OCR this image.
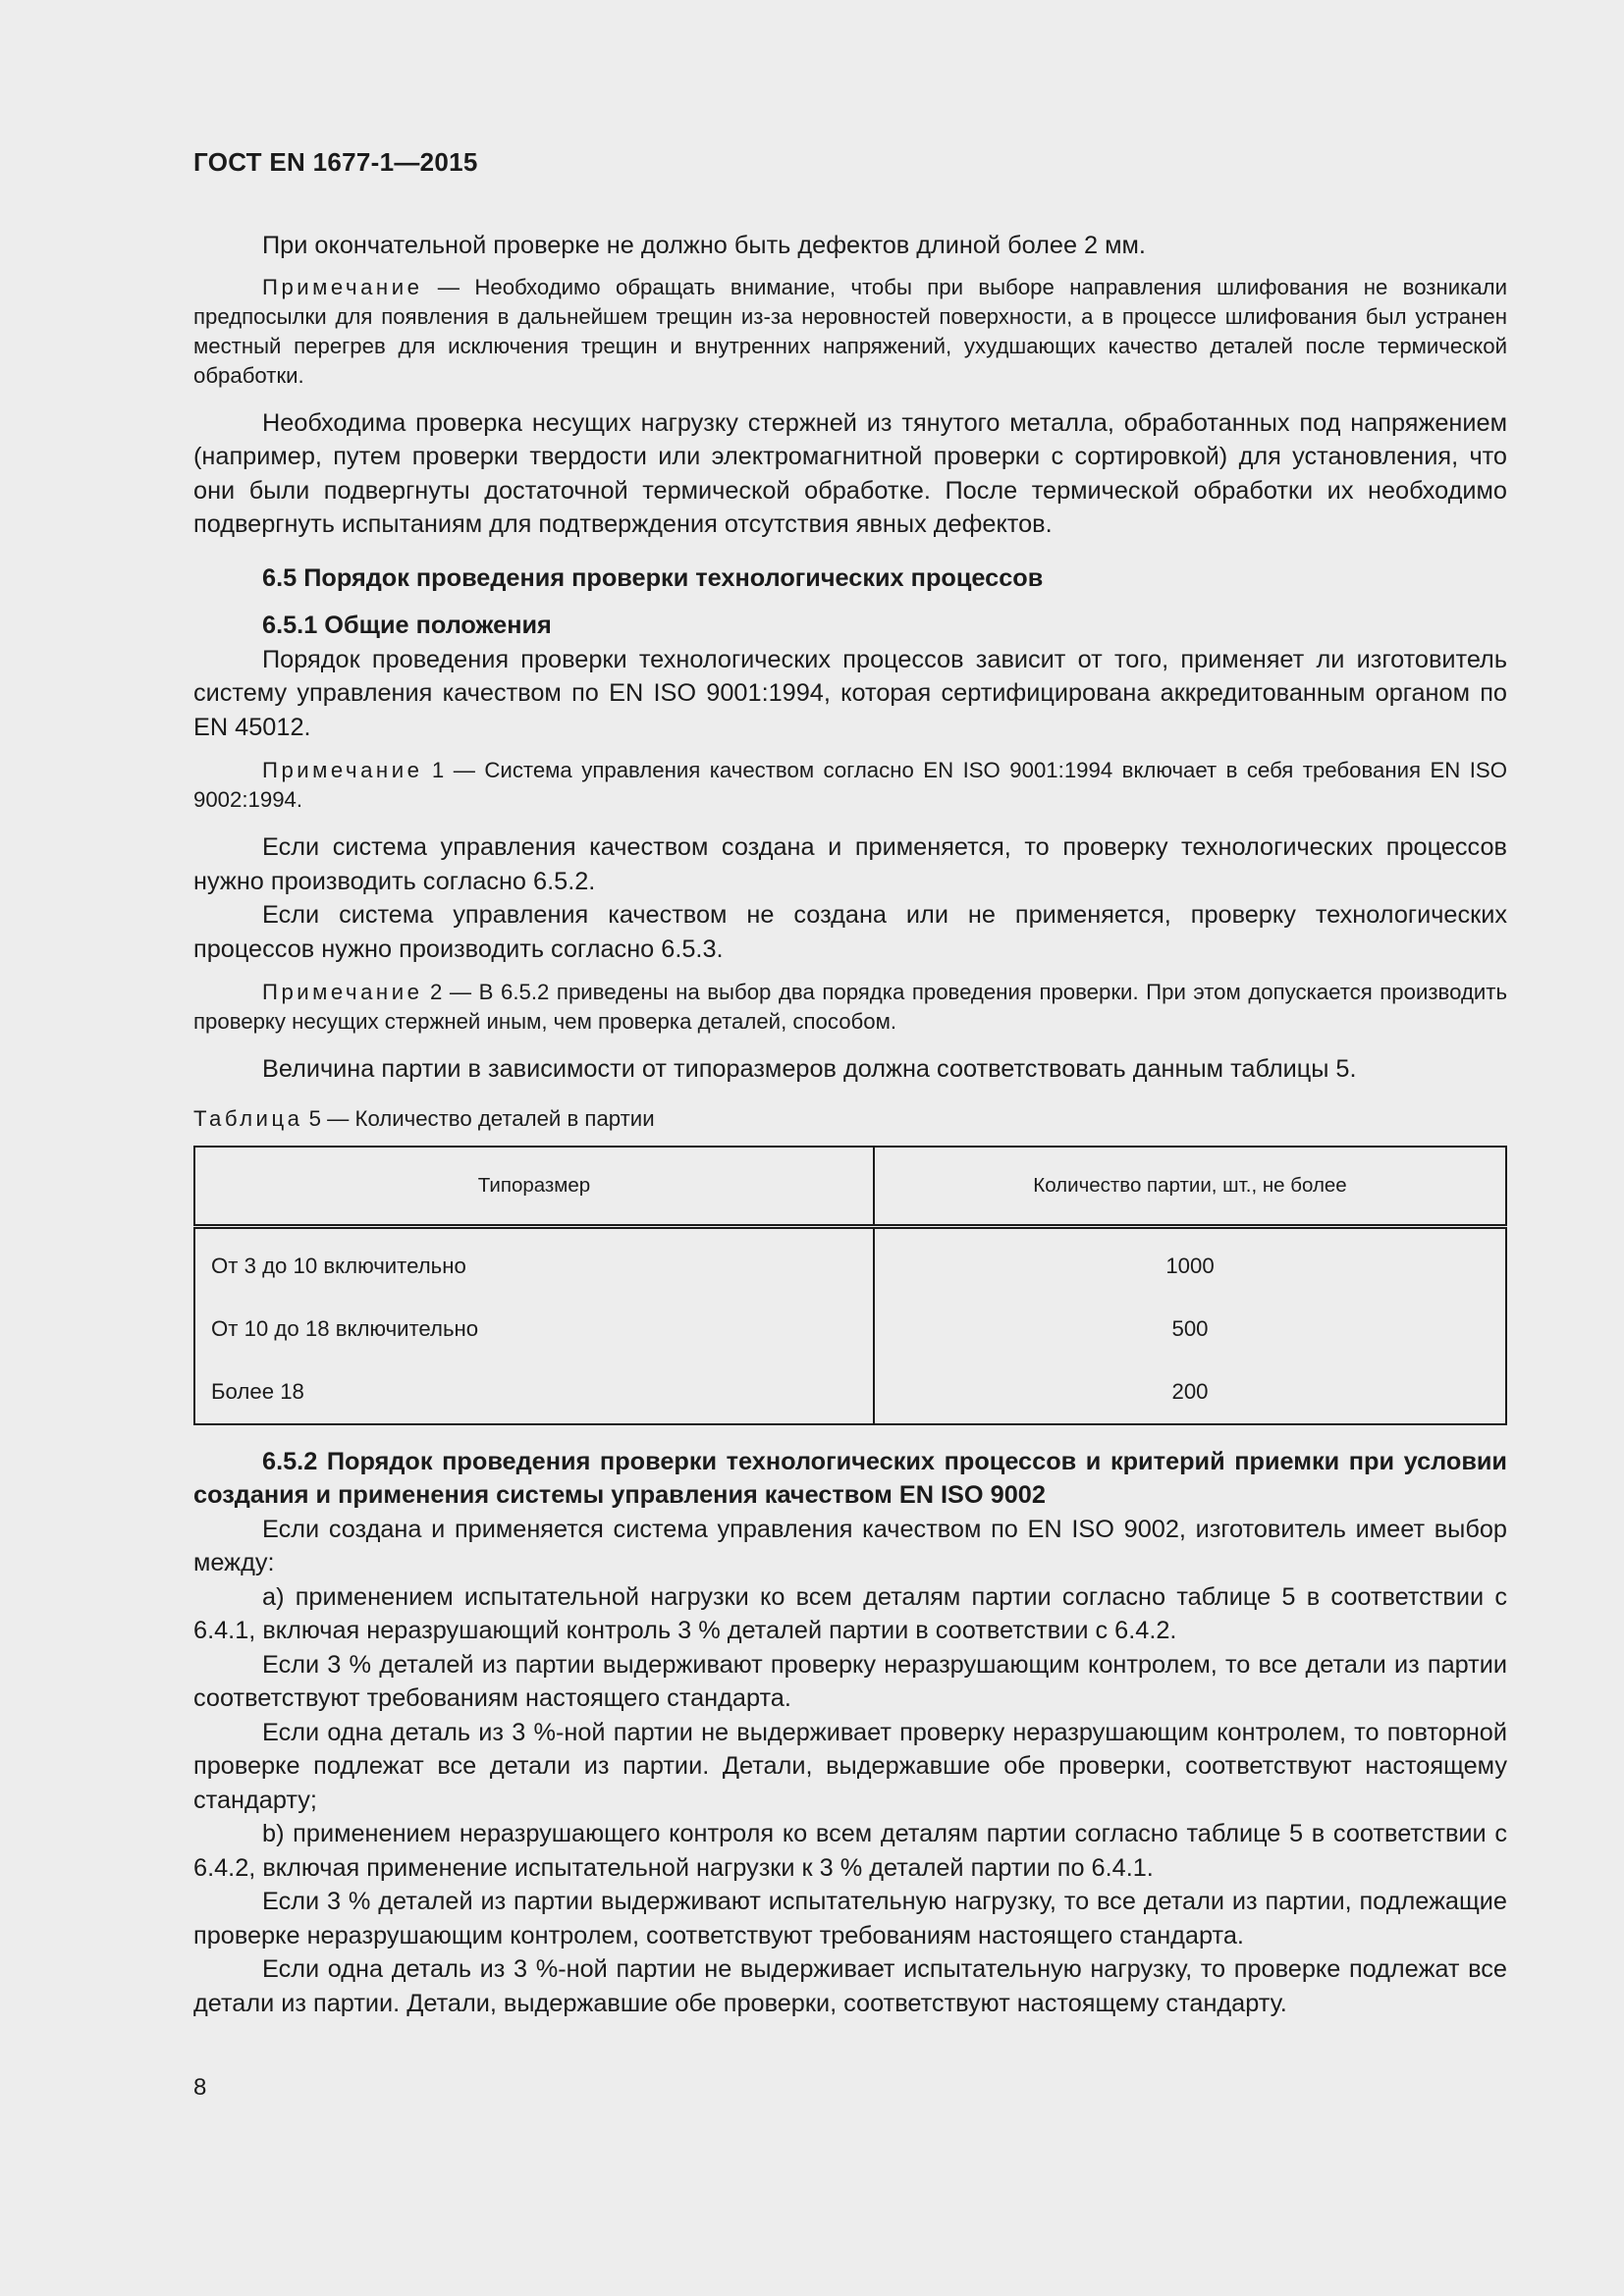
ГОСТ EN 1677-1—2015

При окончательной проверке не должно быть дефектов длиной более 2 мм.

Примечание — Необходимо обращать внимание, чтобы при выборе направления шлифования не возникали предпосылки для появления в дальнейшем трещин из-за неровностей поверхности, а в процессе шлифования был устранен местный перегрев для исключения трещин и внутренних напряжений, ухудшающих качество деталей после термической обработки.

Необходима проверка несущих нагрузку стержней из тянутого металла, обработанных под напряжением (например, путем проверки твердости или электромагнитной проверки с сортировкой) для установления, что они были подвергнуты достаточной термической обработке. После термической обработки их необходимо подвергнуть испытаниям для подтверждения отсутствия явных дефектов.

6.5 Порядок проведения проверки технологических процессов
6.5.1 Общие положения

Порядок проведения проверки технологических процессов зависит от того, применяет ли изготовитель систему управления качеством по EN ISO 9001:1994, которая сертифицирована аккредитованным органом по EN 45012.

Примечание 1 — Система управления качеством согласно EN ISO 9001:1994 включает в себя требования EN ISO 9002:1994.

Если система управления качеством создана и применяется, то проверку технологических процессов нужно производить согласно 6.5.2.

Если система управления качеством не создана или не применяется, проверку технологических процессов нужно производить согласно 6.5.3.

Примечание 2 — В 6.5.2 приведены на выбор два порядка проведения проверки. При этом допускается производить проверку несущих стержней иным, чем проверка деталей, способом.

Величина партии в зависимости от типоразмеров должна соответствовать данным таблицы 5.

Таблица 5 — Количество деталей в партии
Типоразмер	Количество партии, шт., не более
От 3 до 10 включительно	1000
От 10 до 18 включительно	500
Более 18	200
6.5.2 Порядок проведения проверки технологических процессов и критерий приемки при условии создания и применения системы управления качеством EN ISO 9002

Если создана и применяется система управления качеством по EN ISO 9002, изготовитель имеет выбор между:

a) применением испытательной нагрузки ко всем деталям партии согласно таблице 5 в соответствии с 6.4.1, включая неразрушающий контроль 3 % деталей партии в соответствии с 6.4.2.

Если 3 % деталей из партии выдерживают проверку неразрушающим контролем, то все детали из партии соответствуют требованиям настоящего стандарта.

Если одна деталь из 3 %-ной партии не выдерживает проверку неразрушающим контролем, то повторной проверке подлежат все детали из партии. Детали, выдержавшие обе проверки, соответствуют настоящему стандарту;

b) применением неразрушающего контроля ко всем деталям партии согласно таблице 5 в соответствии с 6.4.2, включая применение испытательной нагрузки к 3 % деталей партии по 6.4.1.

Если 3 % деталей из партии выдерживают испытательную нагрузку, то все детали из партии, подлежащие проверке неразрушающим контролем, соответствуют требованиям настоящего стандарта.

Если одна деталь из 3 %-ной партии не выдерживает испытательную нагрузку, то проверке подлежат все детали из партии. Детали, выдержавшие обе проверки, соответствуют настоящему стандарту.

8
